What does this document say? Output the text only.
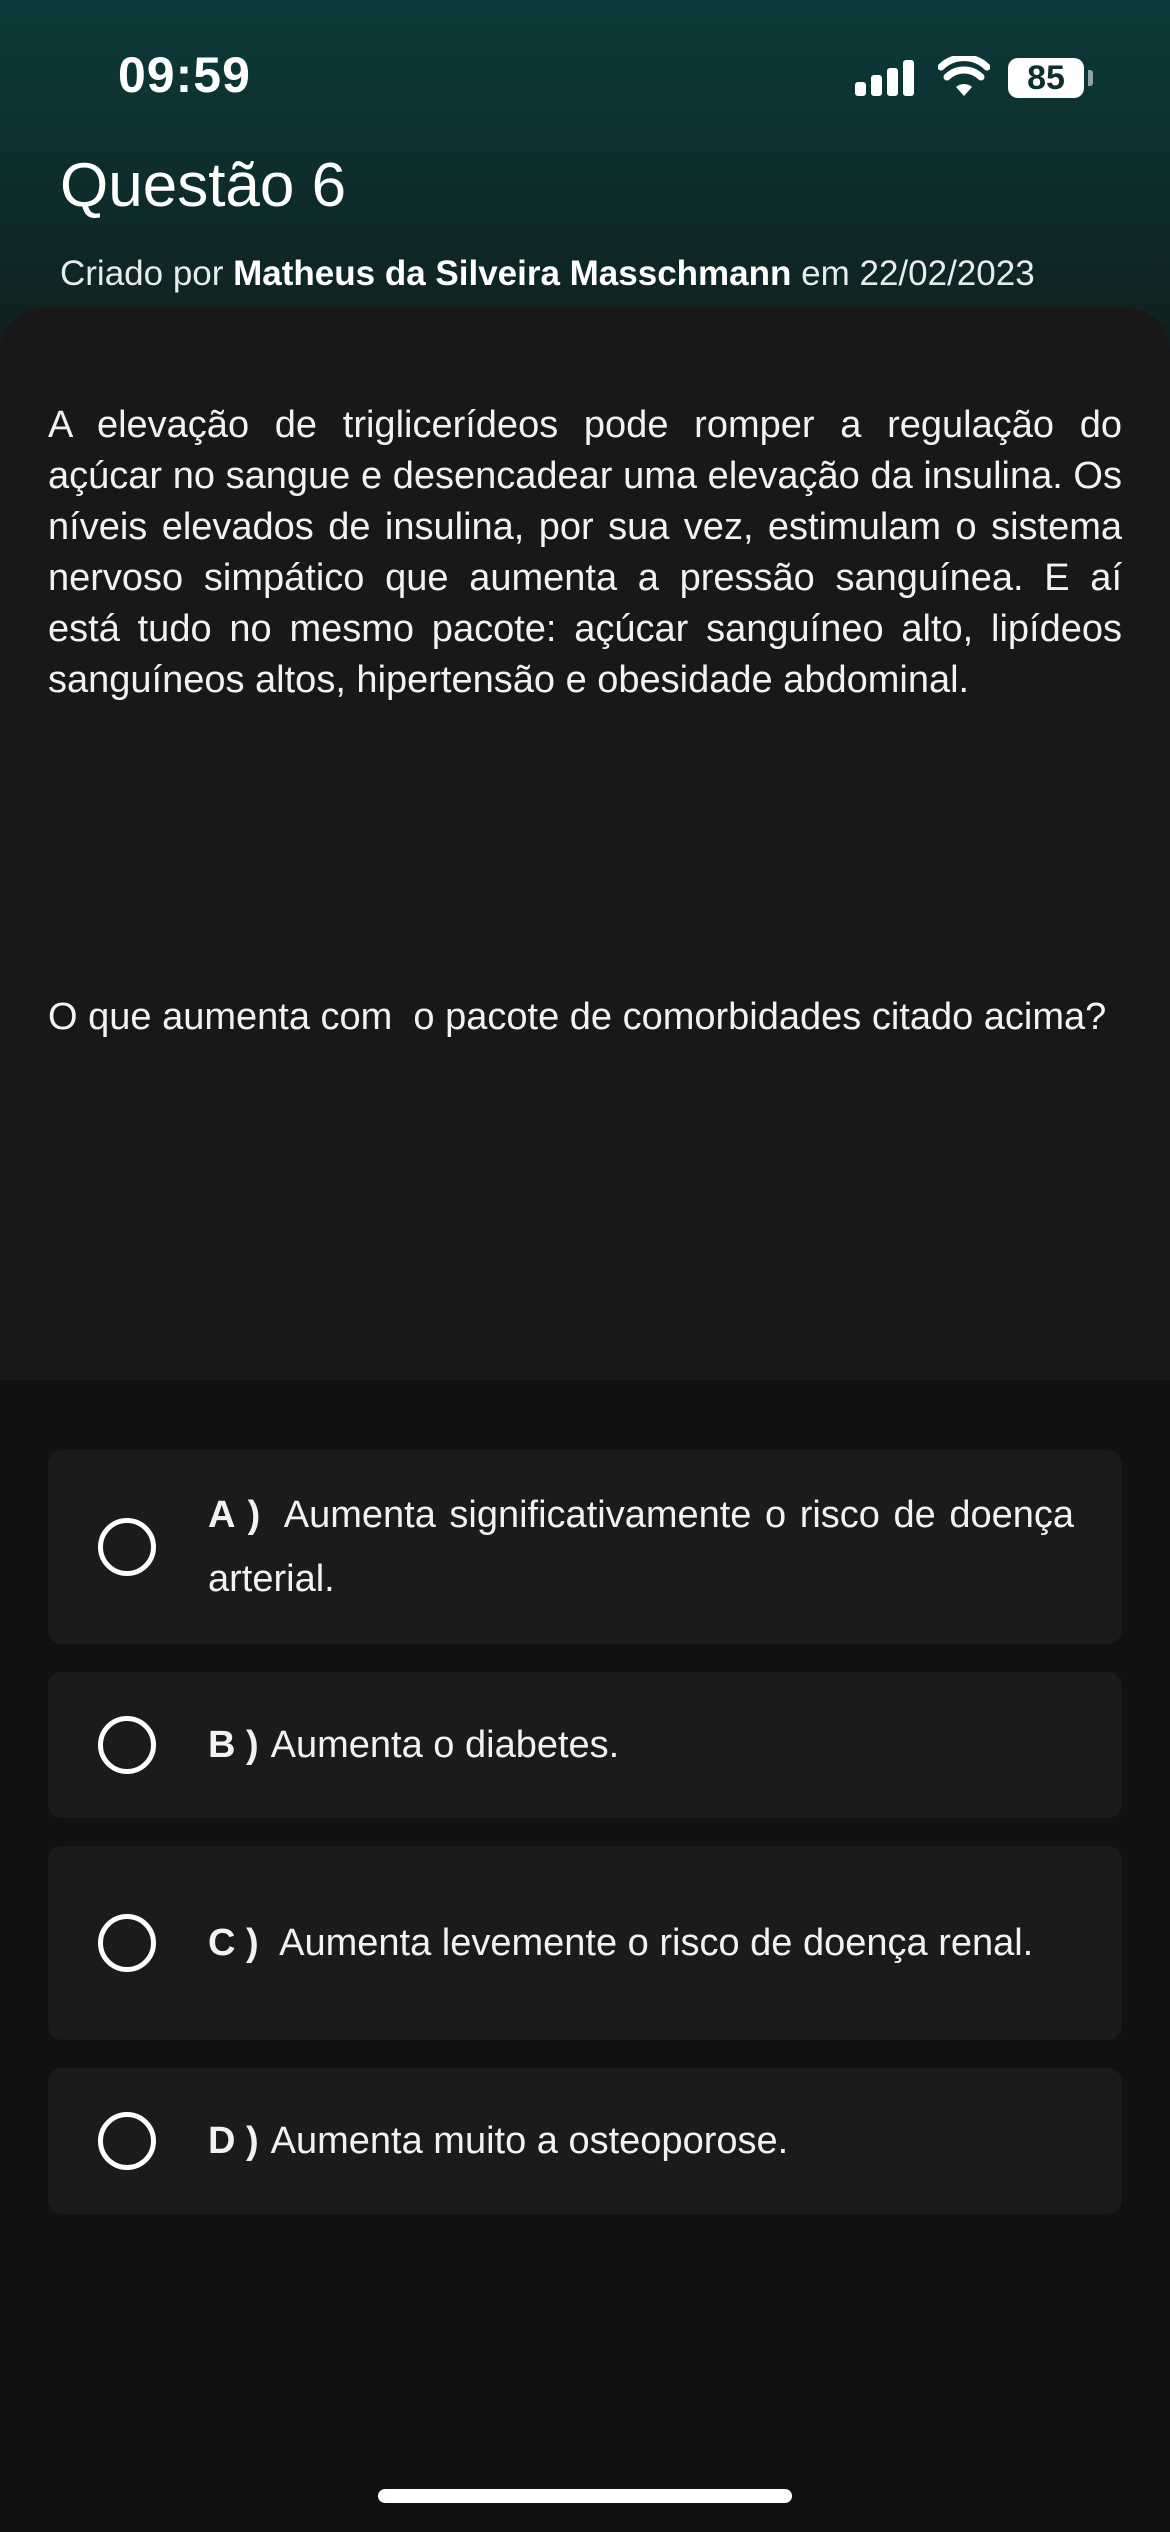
09:59	85
Questão 6
Criado por Matheus da Silveira Masschmann em 22/02/2023

A elevação de triglicerídeos pode romper a regulação do açúcar no sangue e desencadear uma elevação da insulina. Os níveis elevados de insulina, por sua vez, estimulam o sistema nervoso simpático que aumenta a pressão sanguínea. E aí está tudo no mesmo pacote: açúcar sanguíneo alto, lipídeos sanguíneos altos, hipertensão e obesidade abdominal.

O que aumenta com  o pacote de comorbidades citado acima?

A ) Aumenta significativamente o risco de doença arterial.
B ) Aumenta o diabetes.
C ) Aumenta levemente o risco de doença renal.
D ) Aumenta muito a osteoporose.
